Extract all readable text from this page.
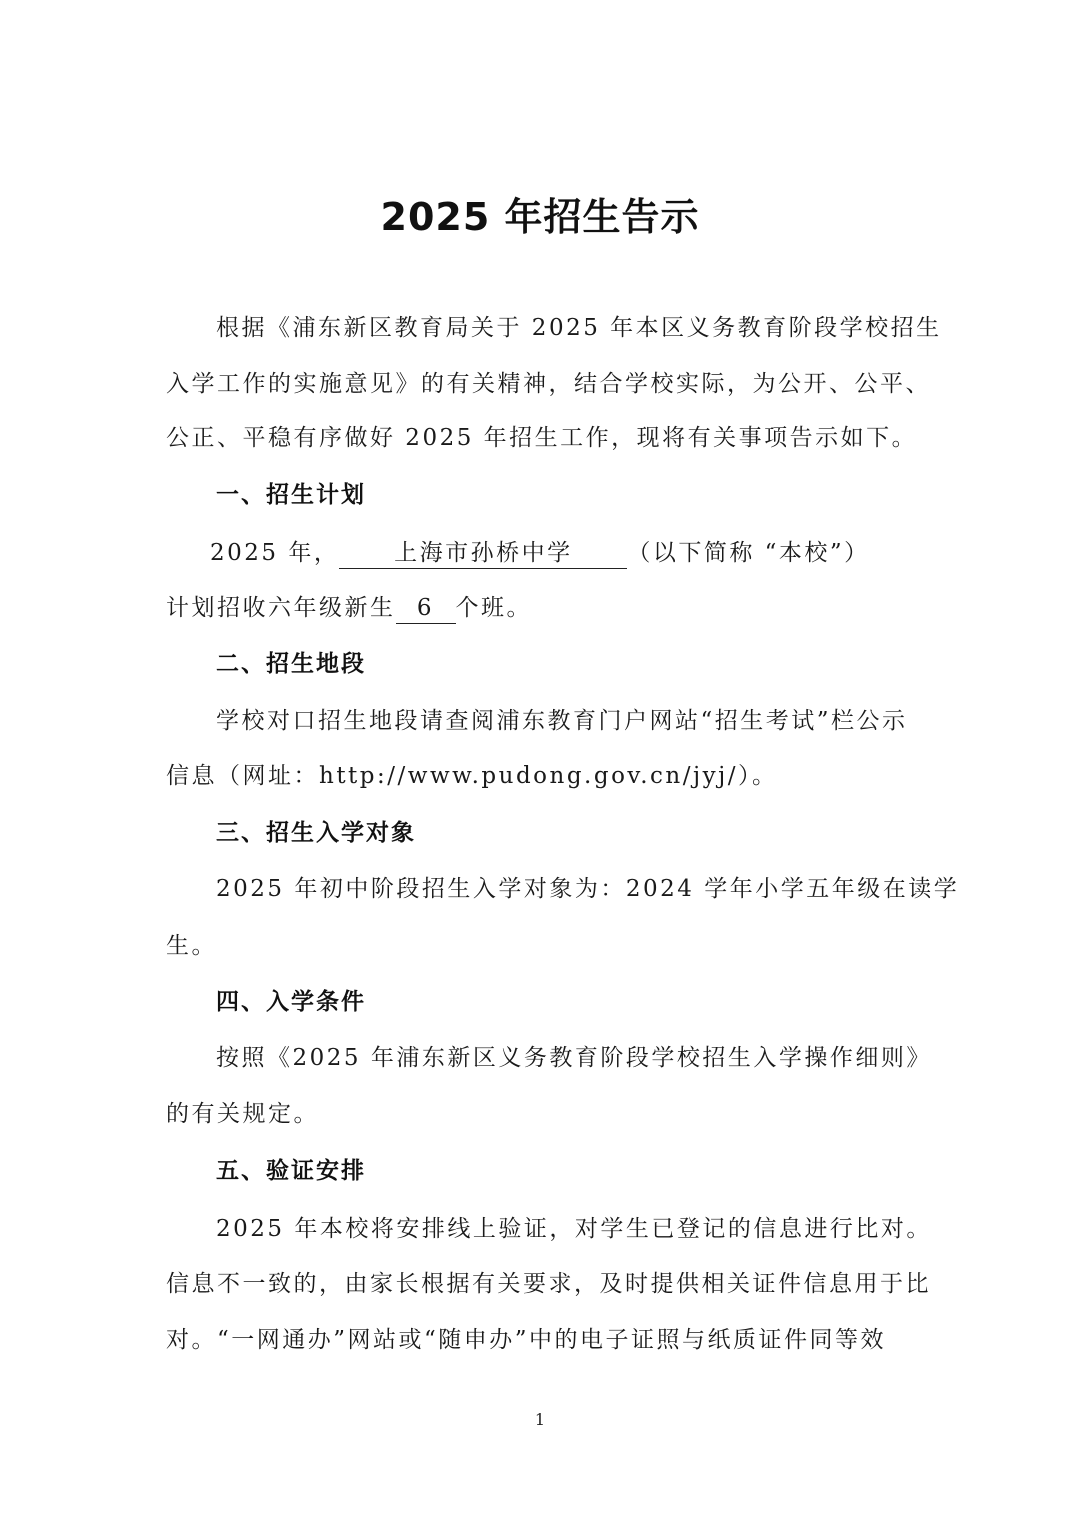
2025 年招生告示
根据《浦东新区教育局关于 2025 年本区义务教育阶段学校招生
入学工作的实施意见》的有关精神，结合学校实际，为公开、公平、
公正、平稳有序做好 2025 年招生工作，现将有关事项告示如下。
一、招生计划
2025 年， 上海市孙桥中学 （以下简称 “本校”）
计划招收六年级新生 6 个班。
二、招生地段
学校对口招生地段请查阅浦东教育门户网站“招生考试”栏公示
信息（网址：http://www.pudong.gov.cn/jyj/）。
三、招生入学对象
2025 年初中阶段招生入学对象为：2024 学年小学五年级在读学
生。
四、入学条件
按照《2025 年浦东新区义务教育阶段学校招生入学操作细则》
的有关规定。
五、验证安排
2025 年本校将安排线上验证，对学生已登记的信息进行比对。
信息不一致的，由家长根据有关要求，及时提供相关证件信息用于比
对。“一网通办”网站或“随申办”中的电子证照与纸质证件同等效
1
